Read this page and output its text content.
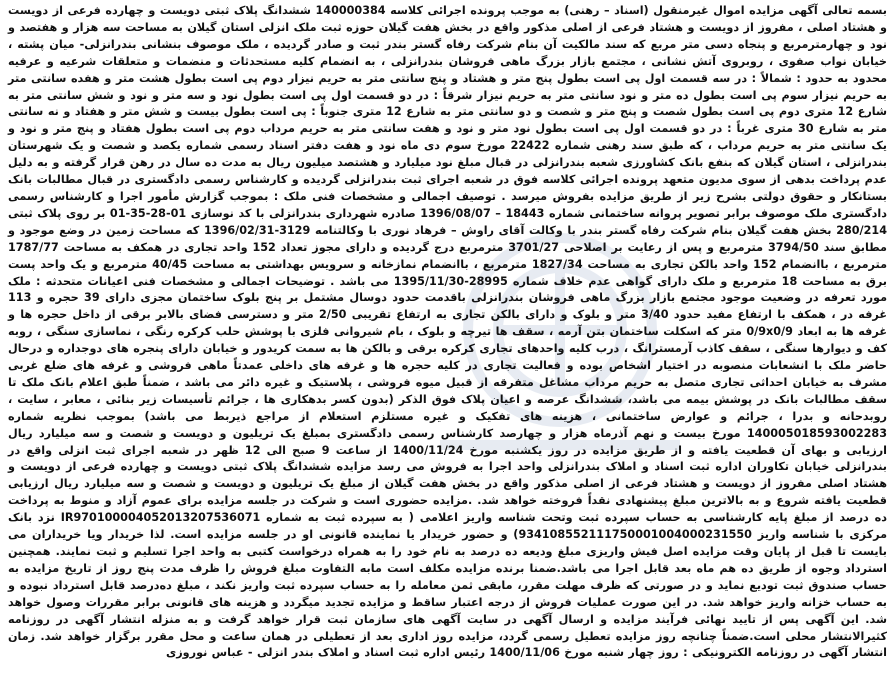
بسمه تعالی آگهی مزایده اموال غیرمنقول (اسناد – رهنی) به موجب پرونده اجرائی کلاسه 140000384 ششدانگ پلاک ثبتی دویست و چهارده فرعی از دویست و هشتاد اصلی ، مفروز از دویست و هشتاد فرعی از اصلی مذکور واقع در بخش هفت گیلان حوزه ثبت ملک انزلی استان گیلان به مساحت سه هزار و هفتصد و نود و چهارمترمربع و پنجاه دسی متر مربع که سند مالکیت آن بنام شرکت رفاه گستر بندر ثبت و صادر گردیده ، ملک موصوف بنشانی بندرانزلی- میان پشته ، خیابان نواب صفوی ، روبروی آتش نشانی ، مجتمع بازار بزرگ ماهی فروشان بندرانزلی ، به انضمام کلیه مستحدثات و منضمات و متعلقات شرعیه و عرفیه محدود به حدود : شمالاً : در سه قسمت اول پی است بطول پنج متر و هشتاد و پنج سانتی متر به حریم نیزار دوم پی است بطول هشت متر و هفده سانتی متر به حریم نیزار سوم پی است بطول ده متر و نود سانتی متر به حریم نیزار شرقاً : در دو قسمت اول پی است بطول نود و سه متر و نود و شش سانتی متر به شارع 12 متری دوم پی است بطول شصت و پنج متر و شصت و دو سانتی متر به شارع 12 متری جنوباً : پی است بطول بیست و شش متر و هفتاد و نه سانتی متر به شارع 30 متری غرباً : در دو قسمت اول پی است بطول نود متر و نود و هفت سانتی متر به حریم مرداب دوم پی است بطول هفتاد و پنج متر و نود و یک سانتی متر به حریم مرداب ، که طبق سند رهنی شماره 22422 مورخ سوم دی ماه نود و هفت دفتر اسناد رسمی شماره یکصد و شصت و یک شهرستان بندرانزلی ، استان گیلان که بنفع بانک کشاورزی شعبه بندرانزلی در قبال مبلغ نود میلیارد و هشتصد میلیون ریال به مدت ده سال در رهن قرار گرفته و به دلیل عدم پرداخت بدهی از سوی مدیون متعهد پرونده اجرائی کلاسه فوق در شعبه اجرای ثبت بندرانزلی گردیده و کارشناس رسمی دادگستری در قبال مطالبات بانک بستانکار و حقوق دولتی بشرح زیر از طریق مزایده بفروش میرسد . توصیف اجمالی و مشخصات فنی ملک : بموجب گزارش مأمور اجرا و کارشناس رسمی دادگستری ملک موصوف برابر تصویر پروانه ساختمانی شماره 18443 – 1396/08/07 صادره شهرداری بندرانزلی با کد نوسازی 01-28-35-01 بر روی پلاک ثبتی 280/214 بخش هفت گیلان بنام شرکت رفاه گستر بندر با وکالت آقای راوش – فرهاد نوری با وکالتنامه 3129-1396/02/31 که مساحت زمین در وضع موجود و مطابق سند 3794/50 مترمربع و پس از رعایت بر اصلاحی 3701/27 مترمربع درج گردیده و دارای مجوز تعداد 152 واحد تجاری در همکف به مساحت 1787/77 مترمربع ، باانضمام 152 واحد بالکن تجاری به مساحت 1827/34 مترمربع ، باانضمام نمازخانه و سرویس بهداشتی به مساحت 40/45 مترمربع و یک واحد پست برق به مساحت 18 مترمربع و ملک دارای گواهی عدم خلاف شماره 28995-1395/11/30 می باشد . توضیحات اجمالی و مشخصات فنی اعیانات متحدثه : ملک مورد تعرفه در وضعیت موجود مجتمع بازار بزرگ ماهی فروشان بندرانزلی باقدمت حدود دوسال مشتمل بر پنج بلوک ساختمان مجزی دارای 39 حجره و 113 غرفه در ، همکف با ارتفاع مفید حدود 3/40 متر و بلوک و دارای بالکن تجاری به ارتفاع تقریبی 2/50 متر و دسترسی فضای بالابر برقی از داخل حجره ها و غرفه ها به ابعاد 0/9x0/9 متر که اسکلت ساختمان بتن آرمه ، سقف ها تیرچه و بلوک ، بام شیروانی فلزی با پوشش حلب کرکره رنگی ، نماسازی سنگی ، روبه کف و دیوارها سنگی ، سقف کاذب آرمسترانگ ، درب کلیه واحدهای تجاری کرکره برقی و بالکن ها به سمت کریدور و خیابان دارای پنجره های دوجداره و درحال حاضر ملک با انشعابات منصوبه در اختیار اشخاص بوده و فعالیت تجاری در کلیه حجره ها و غرفه های داخلی عمدتاً ماهی فروشی و غرفه های ضلع غربی مشرف به خیابان احداثی تجاری متصل به حریم مرداب مشاغل متفرقه از قبیل میوه فروشی ، پلاستیک و غیره دائر می باشد ، ضمناً طبق اعلام بانک ملک تا سقف مطالبات بانک در پوشش بیمه می باشد، ششدانگ عرصه و اعیان پلاک فوق الذکر (بدون کسر بدهکاری ها ، جرائم تأسیسات زیر بنائی ، معابر ، سایت ، روبدحانه و بدرا ، جرائم و عوارض ساختمانی ، هزینه های تفکیک و غیره مستلزم استعلام از مراجع ذیربط می باشد) بموجب نظریه شماره 140005018593002283 مورخ بیست و نهم آذرماه هزار و چهارصد کارشناس رسمی دادگستری بمبلغ یک تریلیون و دویست و شصت و سه میلیارد ریال ارزیابی و بهای آن قطعیت یافته و از طریق مزایده در روز یکشنبه مورخ 1400/11/24 از ساعت 9 صبح الی 12 ظهر در شعبه اجرای ثبت انزلی واقع در بندرانزلی خیابان تکاوران اداره ثبت اسناد و املاک بندرانزلی واحد اجرا به فروش می رسد مزایده ششدانگ پلاک ثبتی دویست و چهارده فرعی از دویست و هشتاد اصلی مفروز از دویست و هشتاد فرعی از اصلی مذکور واقع در بخش هفت گیلان از مبلغ یک تریلیون و دویست و شصت و سه میلیارد ریال ارزیابی قطعیت یافته شروع و به بالاترین مبلغ پیشنهادی نقداً فروخته خواهد شد. .مزایده حضوری است و شرکت در جلسه مزایده برای عموم آزاد و منوط به پرداخت ده درصد از مبلغ پایه کارشناسی به حساب سپرده ثبت وتحت شناسه واریز اعلامی ( به سپرده ثبت به شماره IR970100004052013207536071 نزد بانک مرکزی با شناسه واریز 934108552111750001004000231550) و حضور خریدار یا نماینده قانونی او در جلسه مزایده است. لذا خریدار ویا خریداران می بایست تا قبل از پایان وقت مزایده اصل فیش واریزی مبلغ ودیعه ده درصد به نام خود را به همراه درخواست کتبی به واحد اجرا تسلیم و ثبت نمایند. همچنین استرداد وجوه از طریق ده هم ماه بعد قابل اجرا می باشد.ضمنا برنده مزایده مکلف است مابه التفاوت مبلغ فروش را ظرف مدت پنج روز از تاریخ مزایده به حساب صندوق ثبت تودیع نماید و در صورتی که ظرف مهلت مقرر، مابقی ثمن معامله را به حساب سپرده ثبت واریز نکند ، مبلغ ده‌درصد قابل استرداد نبوده و به حساب خزانه واریز خواهد شد. در این صورت عملیات فروش از درجه اعتبار ساقط و مزایده تجدید میگردد و هزینه های قانونی برابر مقررات وصول خواهد شد. این آگهی پس از تایید نهائی فرآیند مزایده و ارسال آگهی در سایت آگهی های سازمان ثبت قرار خواهد گرفت و به منزله انتشار آگهی در روزنامه کثیرالانتشار محلی است.ضمناً چنانچه روز مزایده تعطیل رسمی گردد، مزایده روز اداری بعد از تعطیلی در همان ساعت و محل مقرر برگزار خواهد شد. زمان انتشار آگهی در روزنامه الکترونیکی : روز چهار شنبه مورخ 1400/11/06 رئیس اداره ثبت اسناد و املاک بندر انزلی - عباس نوروزی
